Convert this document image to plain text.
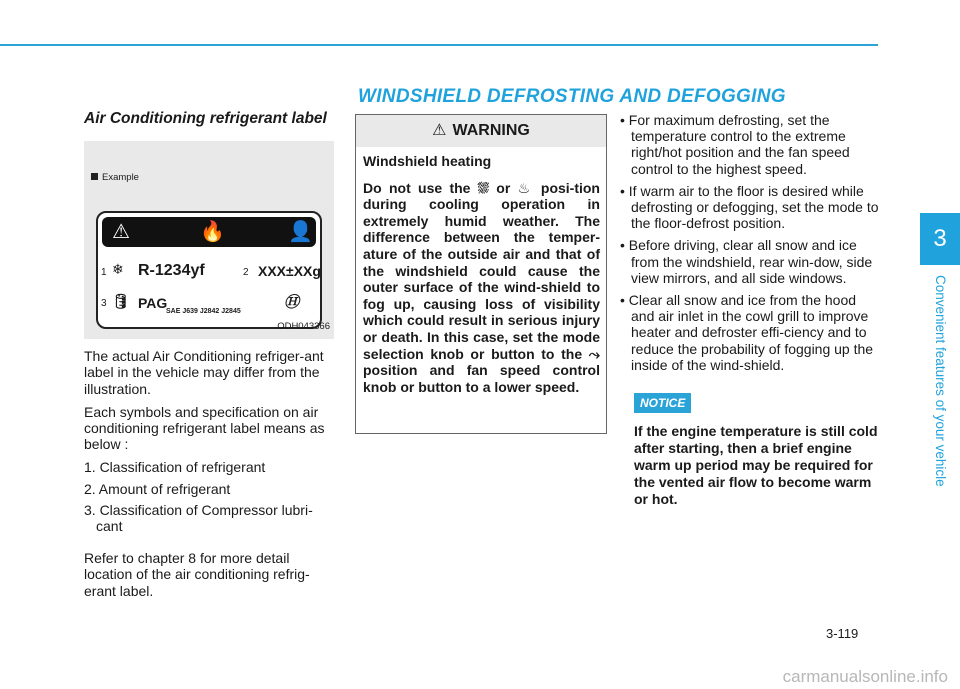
WINDSHIELD DEFROSTING AND DEFOGGING
Air Conditioning refrigerant label
Example
⚠	🔥	👤
1 ❄ R-1234yf	2 XXX±XXg
3 🛢 PAG
SAE J639 J2842 J2845
Ⓗ
ODH043366

The actual Air Conditioning refriger-ant label in the vehicle may differ from the illustration.

Each symbols and specification on air conditioning refrigerant label means as below :

1. Classification of refrigerant
2. Amount of refrigerant
3. Classification of Compressor lubri-cant

Refer to chapter 8 for more detail location of the air conditioning refrig-erant label.

⚠ WARNING

Windshield heating

Do not use the ⛆ or ♨ posi-tion during cooling operation in extremely humid weather. The difference between the temper-ature of the outside air and that of the windshield could cause the outer surface of the wind-shield to fog up, causing loss of visibility which could result in serious injury or death. In this case, set the mode selection knob or button to the ⤳ position and fan speed control knob or button to a lower speed.

• For maximum defrosting, set the temperature control to the extreme right/hot position and the fan speed control to the highest speed.

• If warm air to the floor is desired while defrosting or defogging, set the mode to the floor-defrost position.

• Before driving, clear all snow and ice from the windshield, rear win-dow, side view mirrors, and all side windows.

• Clear all snow and ice from the hood and air inlet in the cowl grill to improve heater and defroster effi-ciency and to reduce the probability of fogging up the inside of the wind-shield.

NOTICE

If the engine temperature is still cold after starting, then a brief engine warm up period may be required for the vented air flow to become warm or hot.

3
Convenient features of your vehicle
3-119
carmanualsonline.info
